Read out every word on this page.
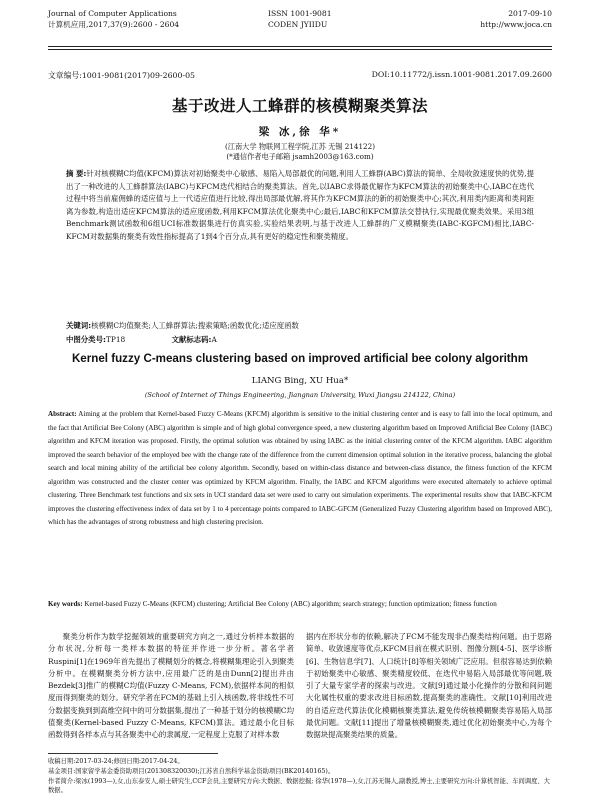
Journal of Computer Applications
计算机应用,2017,37(9):2600 - 2604
ISSN 1001-9081
CODEN JYIIDU
2017-09-10
http://www.joca.cn
文章编号:1001-9081(2017)09-2600-05	DOI:10.11772/j.issn.1001-9081.2017.09.2600
基于改进人工蜂群的核模糊聚类算法
梁 冰,徐 华*
(江南大学 物联网工程学院,江苏 无锡 214122)
(*通信作者电子邮箱 jsamh2003@163.com)
摘 要:针对核模糊C均值(KFCM)算法对初始聚类中心敏感、易陷入局部最优的问题,利用人工蜂群(ABC)算法的简单、全局收敛速度快的优势,提出了一种改进的人工蜂群算法(IABC)与KFCM迭代相结合的聚类算法。首先,以IABC求得最优解作为KFCM算法的初始聚类中心,IABC在迭代过程中将当前雇佣蜂的适应值与上一代适应值进行比较,得出局部最优解,将其作为KFCM算法的新的初始聚类中心;其次,利用类内距离和类间距离为参数,构造出适应KFCM算法的适应度函数,利用KFCM算法优化聚类中心;最后,IABC和KFCM算法交替执行,实现最优聚类效果。采用3组Benchmark测试函数和6组UCI标准数据集进行仿真实验,实验结果表明,与基于改进人工蜂群的广义模糊聚类(IABC-KGFCM)相比,IABC-KFCM对数据集的聚类有效性指标提高了1到4个百分点,具有更好的稳定性和聚类精度。
关键词:核模糊C均值聚类;人工蜂群算法;搜索策略;函数优化;适应度函数
中图分类号:TP18	文献标志码:A
Kernel fuzzy C-means clustering based on improved artificial bee colony algorithm
LIANG Bing, XU Hua*
(School of Internet of Things Engineering, Jiangnan University, Wuxi Jiangsu 214122, China)
Abstract: Aiming at the problem that Kernel-based Fuzzy C-Means (KFCM) algorithm is sensitive to the initial clustering center and is easy to fall into the local optimum, and the fact that Artificial Bee Colony (ABC) algorithm is simple and of high global convergence speed, a new clustering algorithm based on Improved Artificial Bee Colony (IABC) algorithm and KFCM iteration was proposed. Firstly, the optimal solution was obtained by using IABC as the initial clustering center of the KFCM algorithm. IABC algorithm improved the search behavior of the employed bee with the change rate of the difference from the current dimension optimal solution in the iterative process, balancing the global search and local mining ability of the artificial bee colony algorithm. Secondly, based on within-class distance and between-class distance, the fitness function of the KFCM algorithm was constructed and the cluster center was optimized by KFCM algorithm. Finally, the IABC and KFCM algorithms were executed alternately to achieve optimal clustering. Three Benchmark test functions and six sets in UCI standard data set were used to carry out simulation experiments. The experimental results show that IABC-KFCM improves the clustering effectiveness index of data set by 1 to 4 percentage points compared to IABC-GFCM (Generalized Fuzzy Clustering algorithm based on Improved ABC), which has the advantages of strong robustness and high clustering precision.
Key words: Kernel-based Fuzzy C-Means (KFCM) clustering; Artificial Bee Colony (ABC) algorithm; search strategy; function optimization; fitness function

聚类分析作为数学挖掘领域的重要研究方向之一,通过分析样本数据的分布状况,分析每一类样本数据的特征并作进一步分析。著名学者Ruspini[1]在1969年首先提出了模糊划分的概念,将模糊集理论引入到聚类分析中。在模糊聚类分析方法中,应用最广泛的是由Dunn[2]提出并由Bezdek[3]推广的模糊C均值(Fuzzy C-Means, FCM),依据样本间的相似度而得到聚类的划分。研究学者在FCM的基础上引入核函数,将非线性不可分数据变换到到高维空间中的可分数据集,提出了一种基于划分的核模糊C均值聚类(Kernel-based Fuzzy C-Means, KFCM)算法。通过最小化目标函数得到各样本点与其各聚类中心的隶属度,一定程度上克服了对样本数

据内在形状分布的依赖,解决了FCM不能发现非凸聚类结构问题。由于思路简单、收敛速度等优点,KFCM目前在模式识别、图像分割[4-5]、医学诊断[6]、生物信息学[7]、人口统计[8]等相关领域广泛应用。但很容易达到依赖于初始聚类中心敏感、聚类精度较低、在迭代中易陷入局部最优等问题,吸引了大量专家学者的探索与改进。文献[9]通过最小化操作的分散和间问题大化属性权重的要求改进目标函数,提高聚类的准确性。文献[10]利用改进的自适应迭代算法优化模糊核聚类算法,避免传统核模糊聚类容易陷入局部最优问题。文献[11]提出了增量核模糊聚类,通过优化初始聚类中心,为每个数据块提高聚类结果的质量。

收稿日期:2017-03-24;修回日期:2017-04-24。
基金项目:国家留学基金委资助项目(201308320030);江苏省自然科学基金资助项目(BK20140165)。
作者简介:梁冰(1993—),女,山东泰安人,硕士研究生,CCF会员,主要研究方向:大数据、数据挖掘; 徐华(1978—),女,江苏无锡人,副教授,博士,主要研究方向:计算机智能、车间调度、大数据。
